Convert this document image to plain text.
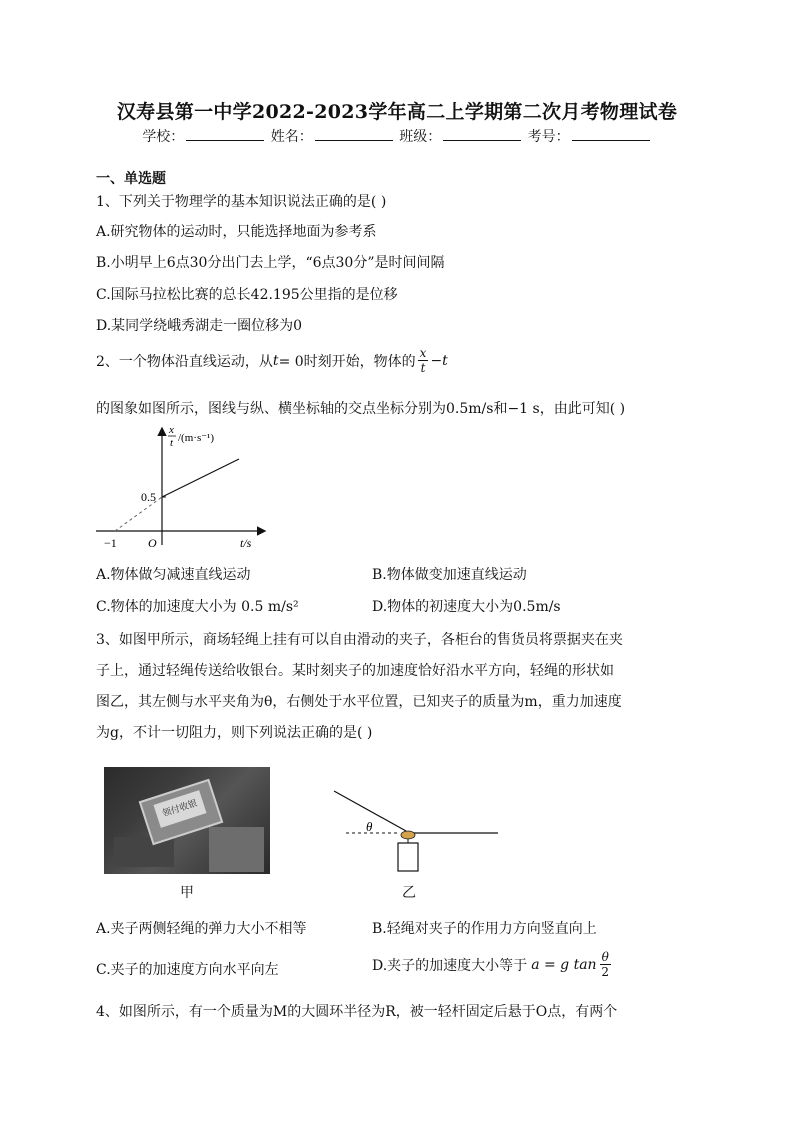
汉寿县第一中学2022-2023学年高二上学期第二次月考物理试卷
学校：	姓名：	班级：	考号：
一、单选题
1、下列关于物理学的基本知识说法正确的是( )
A.研究物体的运动时，只能选择地面为参考系
B.小明早上6点30分出门去上学，“6点30分”是时间间隔
C.国际马拉松比赛的总长42.195公里指的是位移
D.某同学绕峨秀湖走一圈位移为0
2、一个物体沿直线运动，从 t = 0时刻开始，物体的 $\frac{x}{t} -t$
的图象如图所示，图线与纵、横坐标轴的交点坐标分别为0.5m/s和−1 s，由此可知( )
0.5
−1	O	t/s
x
t /(m·s⁻¹)
A.物体做匀减速直线运动	B.物体做变加速直线运动
C.物体的加速度大小为 0.5 m/s²	D.物体的初速度大小为0.5m/s
3、如图甲所示，商场轻绳上挂有可以自由滑动的夹子，各柜台的售货员将票据夹在夹
子上，通过轻绳传送给收银台。某时刻夹子的加速度恰好沿水平方向，轻绳的形状如
图乙，其左侧与水平夹角为θ，右侧处于水平位置，已知夹子的质量为m，重力加速度
为g，不计一切阻力，则下列说法正确的是( )
领付收银
甲
θ
乙
A.夹子两侧轻绳的弹力大小不相等	B.轻绳对夹子的作用力方向竖直向上
C.夹子的加速度方向水平向左	D.夹子的加速度大小等于 a = g $\tan \frac{\theta}{2}$
4、如图所示，有一个质量为M的大圆环半径为R，被一轻杆固定后悬于O点，有两个
